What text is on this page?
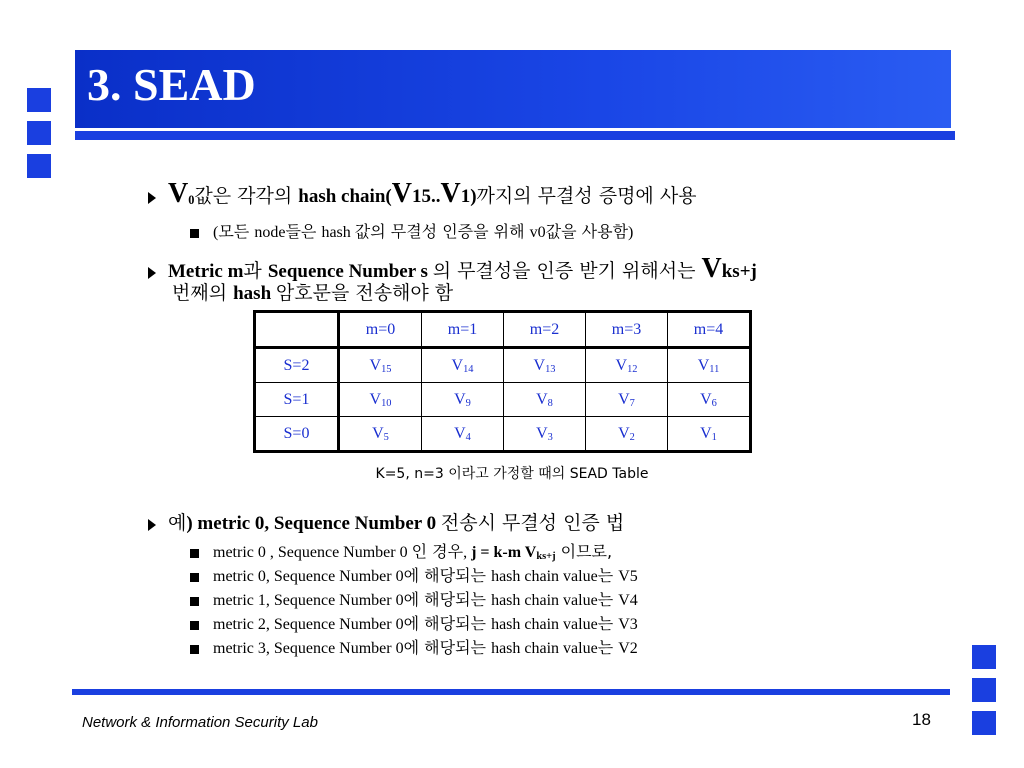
3. SEAD
$V_0$값은 각각의 hash chain(V15..V1)까지의 무결성 증명에 사용
(모든 node들은 hash 값의 무결성 인증을 위해 v0값을 사용함)
Metric m과 Sequence Number s 의 무결성을 인증 받기 위해서는 Vks+j
번째의 hash 암호문을 전송해야 함
	m=0	m=1	m=2	m=3	m=4
S=2	$V_{15}$	$V_{14}$	$V_{13}$	$V_{12}$	$V_{11}$
S=1	$V_{10}$	$V_9$	$V_8$	$V_7$	$V_6$
S=0	$V_5$	$V_4$	$V_3$	$V_2$	$V_1$
K=5, n=3 이라고 가정할 때의 SEAD Table
예) metric 0, Sequence Number 0 전송시 무결성 인증 법
metric 0 , Sequence Number 0 인 경우, j = k-m $V_{ks+j}$ 이므로,
metric 0, Sequence Number 0에 해당되는 hash chain value는 V5
metric 1, Sequence Number 0에 해당되는 hash chain value는 V4
metric 2, Sequence Number 0에 해당되는 hash chain value는 V3
metric 3, Sequence Number 0에 해당되는 hash chain value는 V2
Network & Information Security Lab	18
